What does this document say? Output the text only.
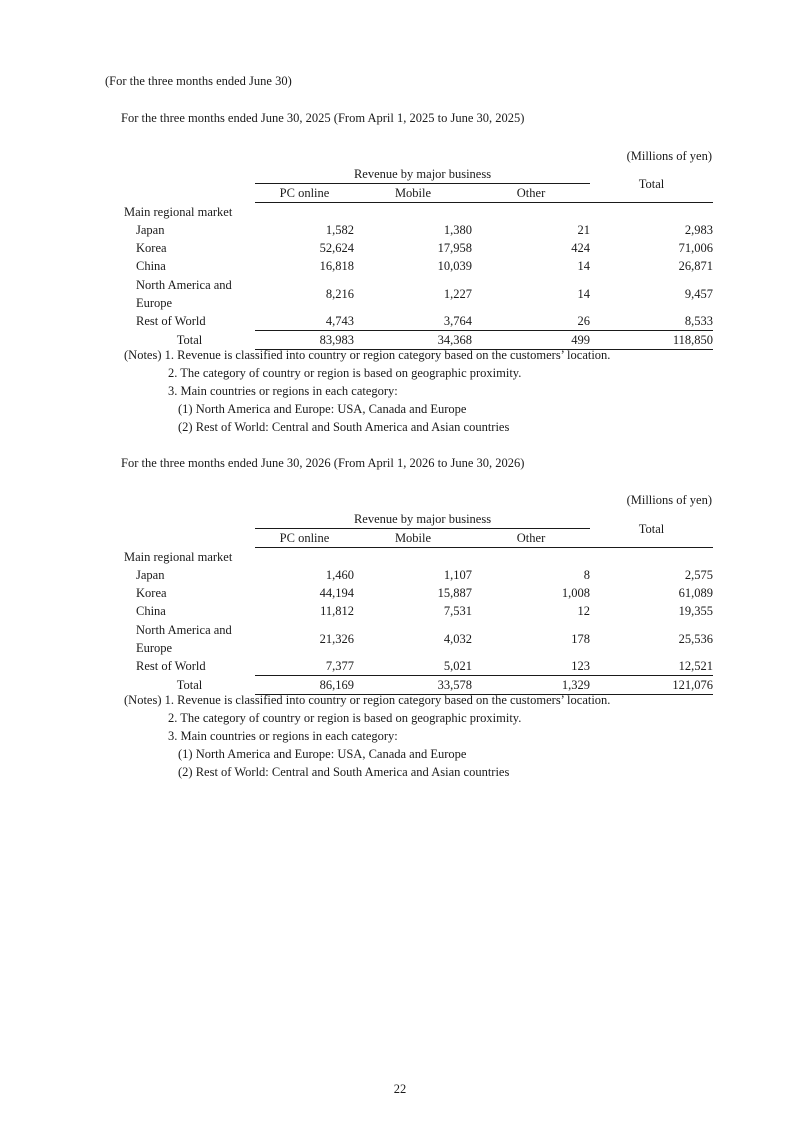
(For the three months ended June 30)
For the three months ended June 30, 2025 (From April 1, 2025 to June 30, 2025)
(Millions of yen)
	Revenue by major business			Total
	PC online	Mobile	Other	
Main regional market				
Japan	1,582	1,380	21	2,983
Korea	52,624	17,958	424	71,006
China	16,818	10,039	14	26,871
North America and Europe	8,216	1,227	14	9,457
Rest of World	4,743	3,764	26	8,533
Total	83,983	34,368	499	118,850
(Notes) 1. Revenue is classified into country or region category based on the customers’ location.
2. The category of country or region is based on geographic proximity.
3. Main countries or regions in each category:
(1) North America and Europe: USA, Canada and Europe
(2) Rest of World: Central and South America and Asian countries
For the three months ended June 30, 2026 (From April 1, 2026 to June 30, 2026)
(Millions of yen)
	Revenue by major business			Total
	PC online	Mobile	Other	
Main regional market				
Japan	1,460	1,107	8	2,575
Korea	44,194	15,887	1,008	61,089
China	11,812	7,531	12	19,355
North America and Europe	21,326	4,032	178	25,536
Rest of World	7,377	5,021	123	12,521
Total	86,169	33,578	1,329	121,076
(Notes) 1. Revenue is classified into country or region category based on the customers’ location.
2. The category of country or region is based on geographic proximity.
3. Main countries or regions in each category:
(1) North America and Europe: USA, Canada and Europe
(2) Rest of World: Central and South America and Asian countries
22
